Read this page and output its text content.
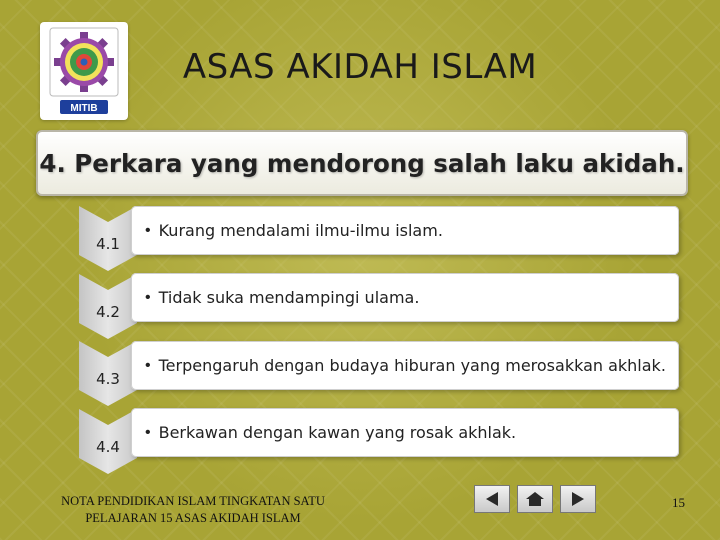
MITIB
ASAS AKIDAH ISLAM
4. Perkara yang mendorong salah laku akidah.
4.1
4.2
4.3
4.4
• Kurang mendalami ilmu-ilmu islam.
• Tidak suka mendampingi ulama.
• Terpengaruh dengan budaya hiburan yang merosakkan akhlak.
• Berkawan dengan kawan yang rosak akhlak.
NOTA PENDIDIKAN ISLAM TINGKATAN SATU
PELAJARAN 15 ASAS AKIDAH ISLAM
15
